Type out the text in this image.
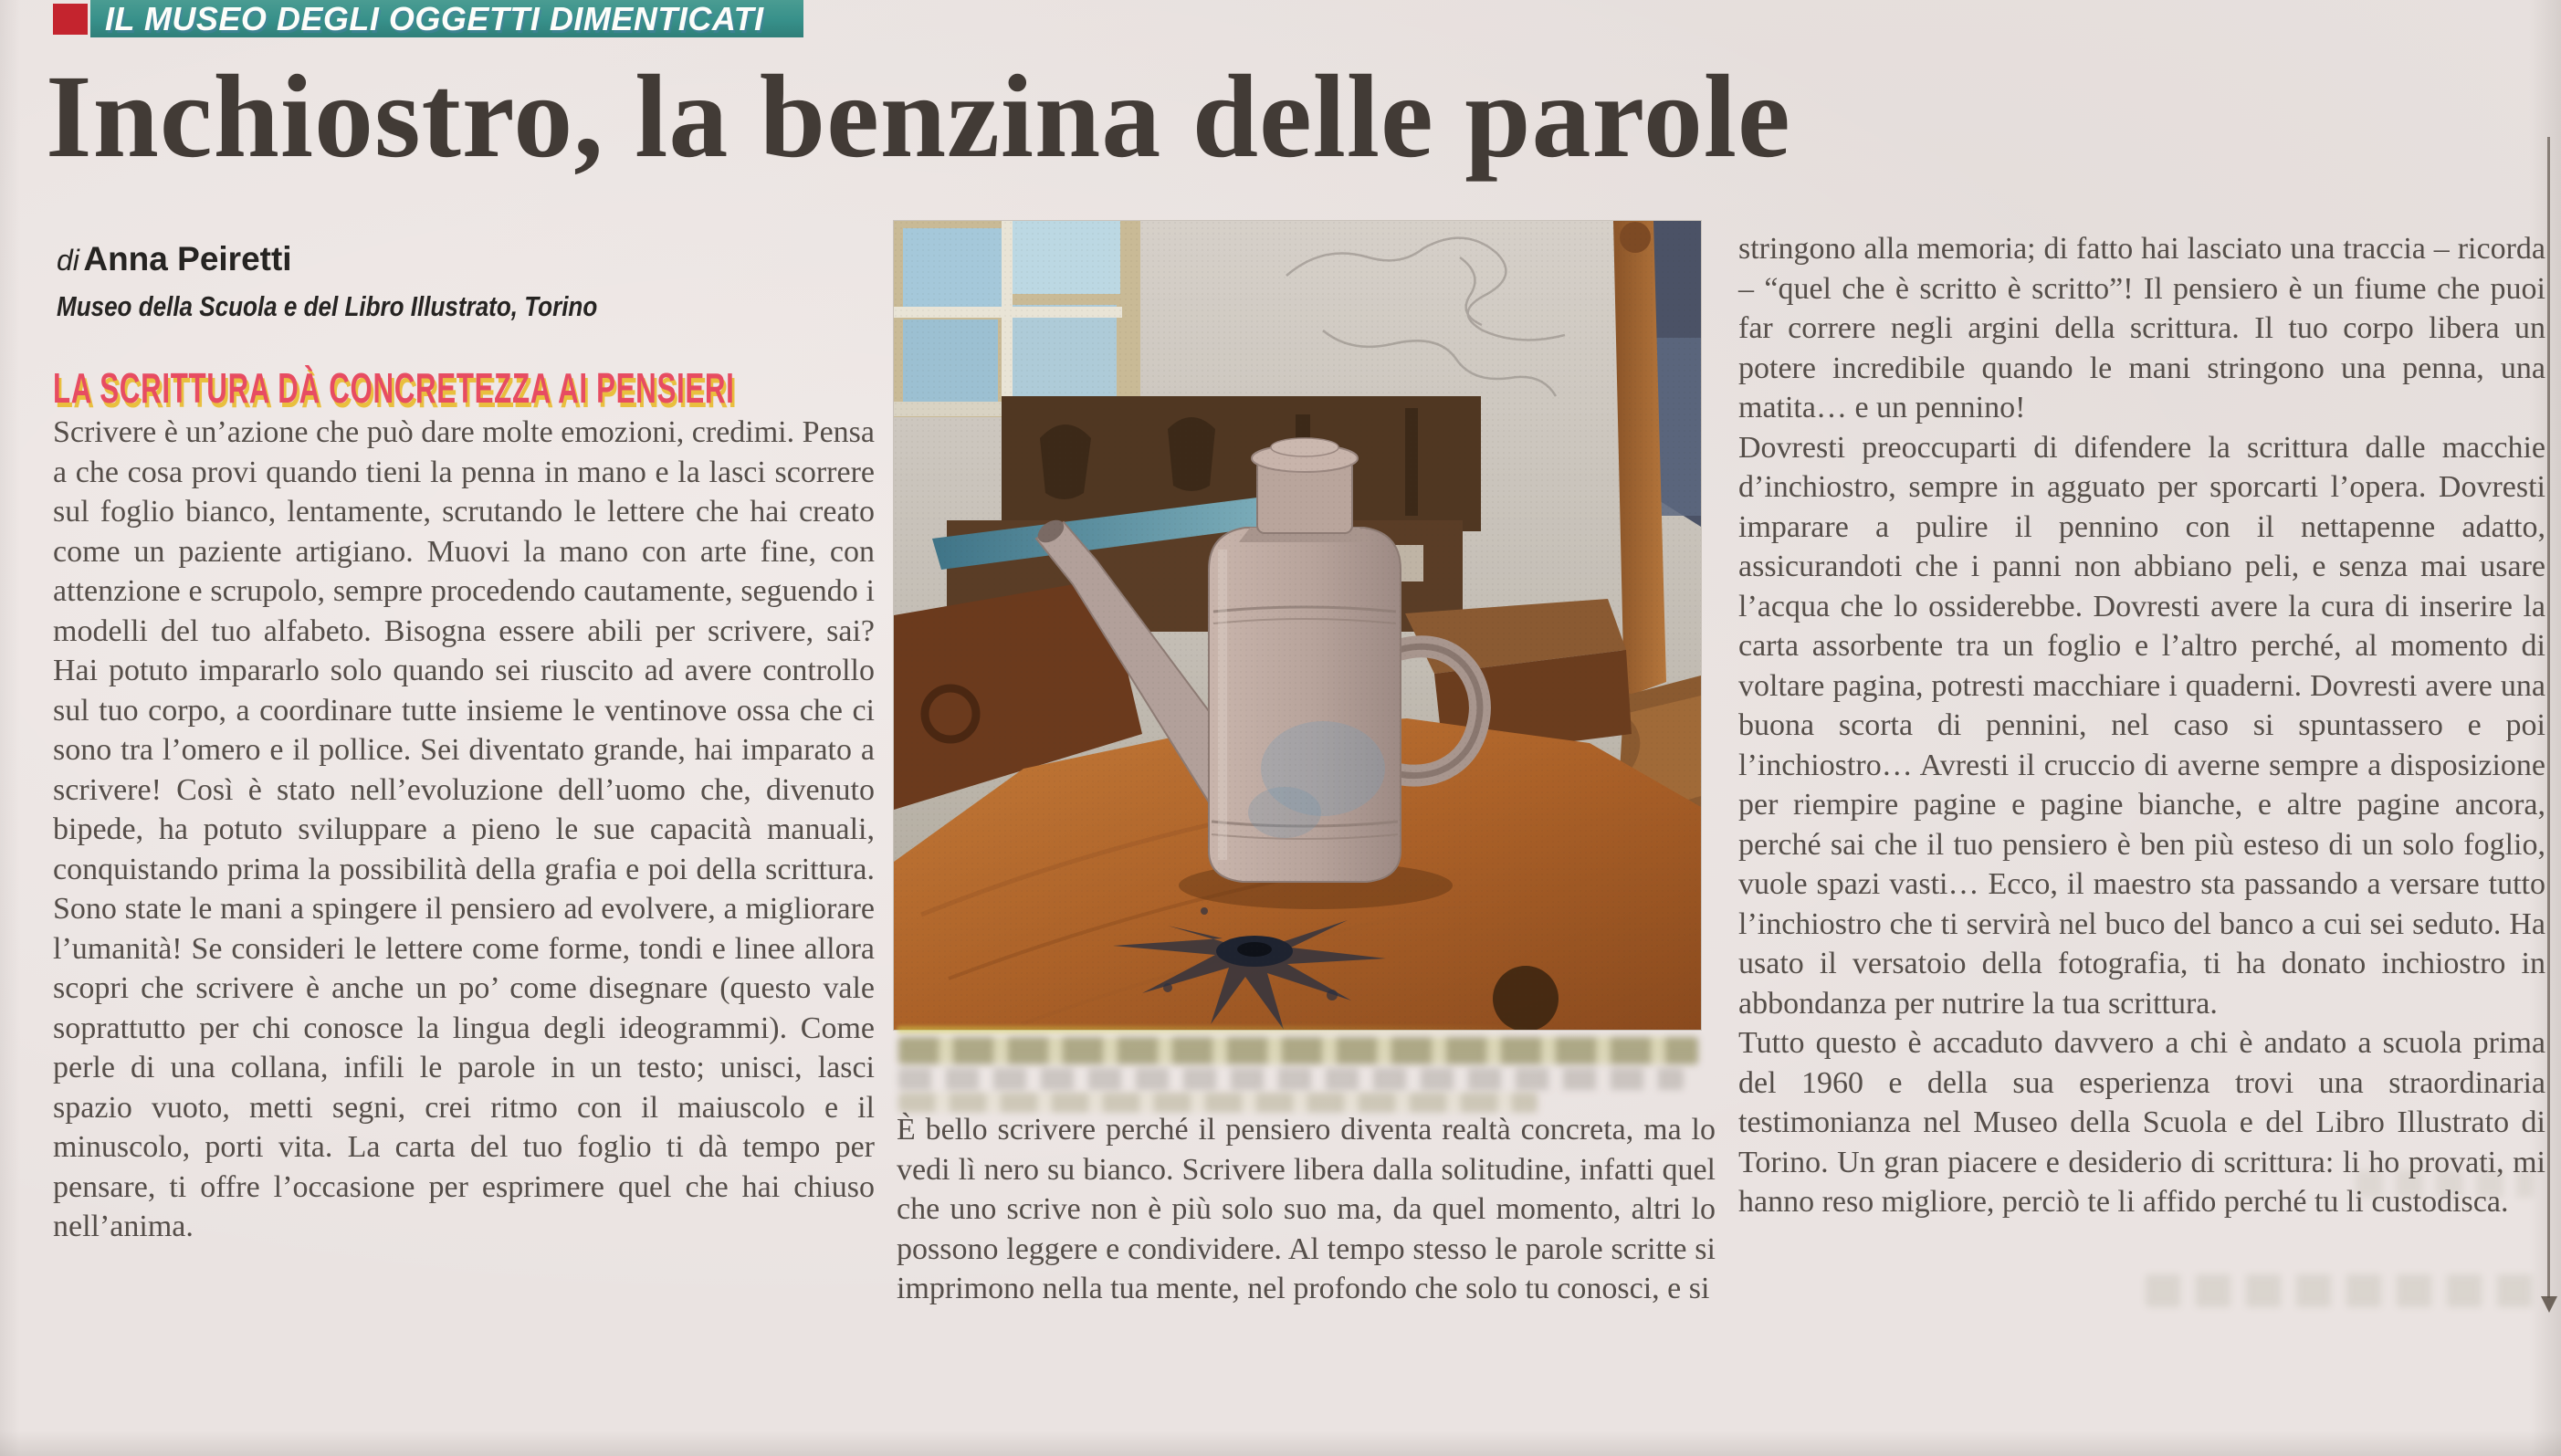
IL MUSEO DEGLI OGGETTI DIMENTICATI
Inchiostro, la benzina delle parole
di Anna Peiretti
Museo della Scuola e del Libro Illustrato, Torino
LA SCRITTURA DÀ CONCRETEZZA AI PENSIERI

Scrivere è un’azione che può dare molte emozioni, credimi. Pensa a che cosa provi quando tieni la penna in mano e la lasci scorrere sul foglio bianco, lentamente, scrutando le lettere che hai creato come un paziente artigiano. Muovi la mano con arte fine, con attenzione e scrupolo, sempre procedendo cautamente, seguendo i modelli del tuo alfabeto. Bisogna essere abili per scrivere, sai? Hai potuto impararlo solo quando sei riuscito ad avere controllo sul tuo corpo, a coordinare tutte insieme le ventinove ossa che ci sono tra l’omero e il pollice. Sei diventato grande, hai imparato a scrivere! Così è stato nell’evoluzione dell’uomo che, divenuto bipede, ha potuto sviluppare a pieno le sue capacità manuali, conquistando prima la possibilità della grafia e poi della scrittura. Sono state le mani a spingere il pensiero ad evolvere, a migliorare l’umanità! Se consideri le lettere come forme, tondi e linee allora scopri che scrivere è anche un po’ come disegnare (questo vale soprattutto per chi conosce la lingua degli ideogrammi). Come perle di una collana, infili le parole in un testo; unisci, lasci spazio vuoto, metti segni, crei ritmo con il maiuscolo e il minuscolo, porti vita. La carta del tuo foglio ti dà tempo per pensare, ti offre l’occasione per esprimere quel che hai chiuso nell’anima.

È bello scrivere perché il pensiero diventa realtà concreta, ma lo vedi lì nero su bianco. Scrivere libera dalla solitudine, infatti quel che uno scrive non è più solo suo ma, da quel momento, altri lo possono leggere e condividere. Al tempo stesso le parole scritte si imprimono nella tua mente, nel profondo che solo tu conosci, e si

stringono alla memoria; di fatto hai lasciato una traccia – ricorda – “quel che è scritto è scritto”! Il pensiero è un fiume che puoi far correre negli argini della scrittura. Il tuo corpo libera un potere incredibile quando le mani stringono una penna, una matita… e un pennino!

Dovresti preoccuparti di difendere la scrittura dalle macchie d’inchiostro, sempre in agguato per sporcarti l’opera. Dovresti imparare a pulire il pennino con il nettapenne adatto, assicurandoti che i panni non abbiano peli, e senza mai usare l’acqua che lo ossiderebbe. Dovresti avere la cura di inserire la carta assorbente tra un foglio e l’altro perché, al momento di voltare pagina, potresti macchiare i quaderni. Dovresti avere una buona scorta di pennini, nel caso si spuntassero e poi l’inchiostro… Avresti il cruccio di averne sempre a disposizione per riempire pagine e pagine bianche, e altre pagine ancora, perché sai che il tuo pensiero è ben più esteso di un solo foglio, vuole spazi vasti… Ecco, il maestro sta passando a versare tutto l’inchiostro che ti servirà nel buco del banco a cui sei seduto. Ha usato il versatoio della fotografia, ti ha donato inchiostro in abbondanza per nutrire la tua scrittura.

Tutto questo è accaduto davvero a chi è andato a scuola prima del 1960 e della sua esperienza trovi una straordinaria testimonianza nel Museo della Scuola e del Libro Illustrato di Torino. Un gran piacere e desiderio di scrittura: li ho provati, mi hanno reso migliore, perciò te li affido perché tu li custodisca.
